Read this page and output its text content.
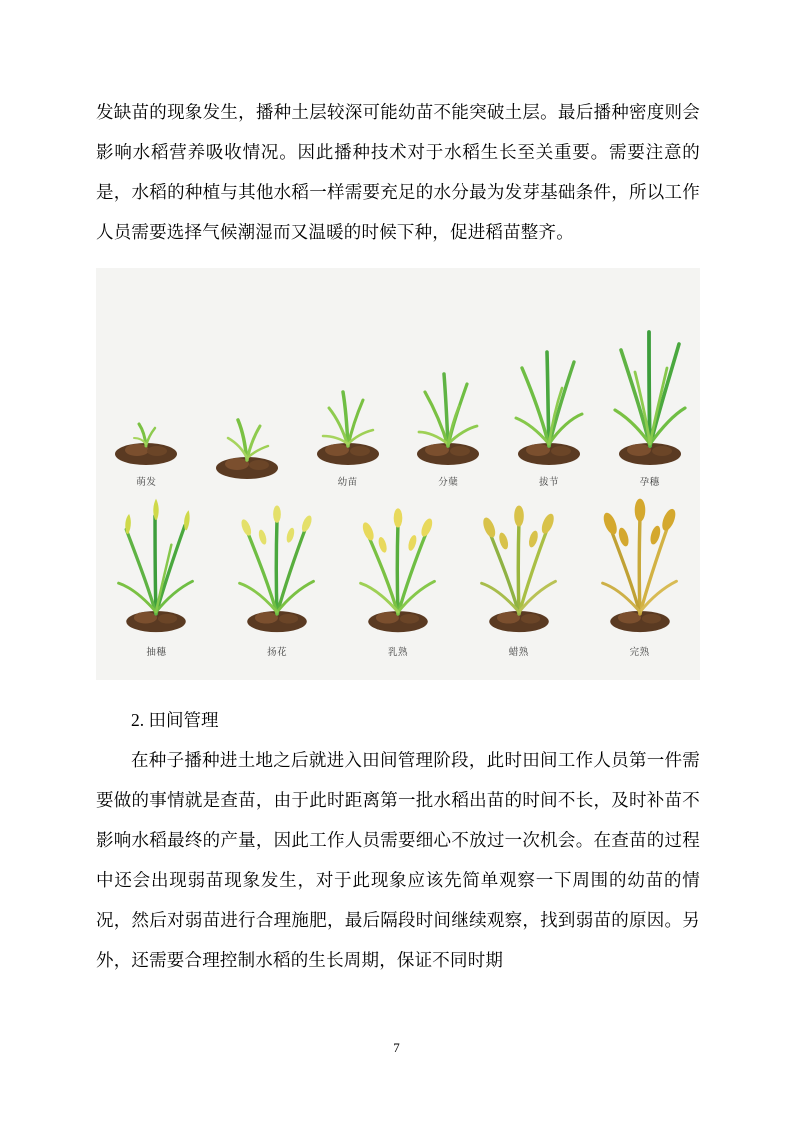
发缺苗的现象发生，播种土层较深可能幼苗不能突破土层。最后播种密度则会影响水稻营养吸收情况。因此播种技术对于水稻生长至关重要。需要注意的是，水稻的种植与其他水稻一样需要充足的水分最为发芽基础条件，所以工作人员需要选择气候潮湿而又温暖的时候下种，促进稻苗整齐。

萌发	幼苗	分蘖	拔节	孕穗
抽穗	扬花	乳熟	蜡熟	完熟

2. 田间管理

在种子播种进土地之后就进入田间管理阶段，此时田间工作人员第一件需要做的事情就是查苗，由于此时距离第一批水稻出苗的时间不长，及时补苗不影响水稻最终的产量，因此工作人员需要细心不放过一次机会。在查苗的过程中还会出现弱苗现象发生，对于此现象应该先简单观察一下周围的幼苗的情况，然后对弱苗进行合理施肥，最后隔段时间继续观察，找到弱苗的原因。另外，还需要合理控制水稻的生长周期，保证不同时期

7
